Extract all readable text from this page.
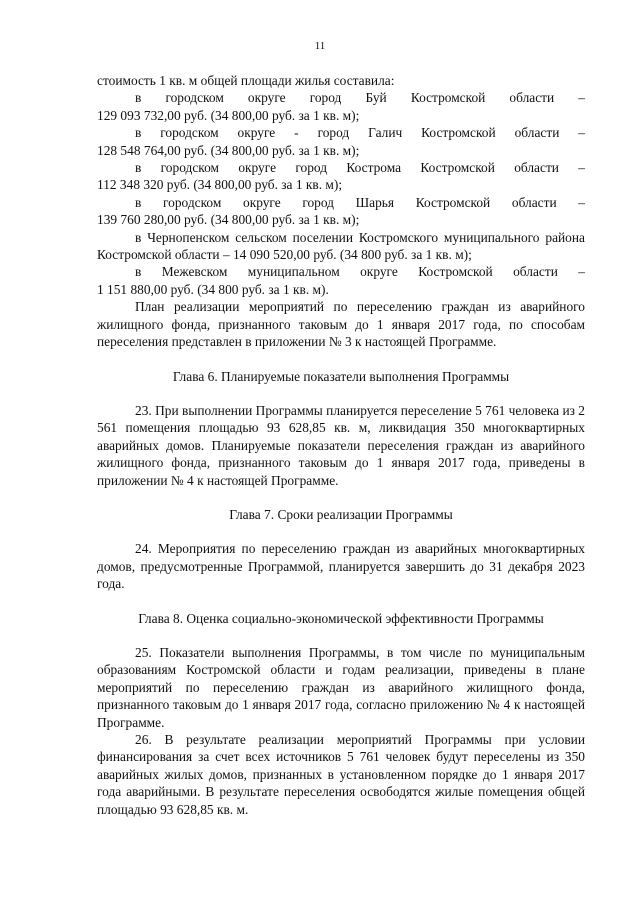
11

стоимость 1 кв. м общей площади жилья составила:

в городском округе город Буй Костромской области –

129 093 732,00 руб. (34 800,00 руб. за 1 кв. м);

в городском округе - город Галич Костромской области –

128 548 764,00 руб. (34 800,00 руб. за 1 кв. м);

в городском округе город Кострома Костромской области –

112 348 320 руб. (34 800,00 руб. за 1 кв. м);

в городском округе город Шарья Костромской области –

139 760 280,00 руб. (34 800,00 руб. за 1 кв. м);

в Чернопенском сельском поселении Костромского муниципального района Костромской области – 14 090 520,00 руб. (34 800 руб. за 1 кв. м);

в Межевском муниципальном округе Костромской области –

1 151 880,00 руб. (34 800 руб. за 1 кв. м).

План реализации мероприятий по переселению граждан из аварийного жилищного фонда, признанного таковым до 1 января 2017 года, по способам переселения представлен в приложении № 3 к настоящей Программе.

Глава 6. Планируемые показатели выполнения Программы

23. При выполнении Программы планируется переселение 5 761 человека из 2 561 помещения площадью 93 628,85 кв. м, ликвидация 350 многоквартирных аварийных домов. Планируемые показатели переселения граждан из аварийного жилищного фонда, признанного таковым до 1 января 2017 года, приведены в приложении № 4 к настоящей Программе.

Глава 7. Сроки реализации Программы

24. Мероприятия по переселению граждан из аварийных многоквартирных домов, предусмотренные Программой, планируется завершить до 31 декабря 2023 года.

Глава 8. Оценка социально-экономической эффективности Программы

25. Показатели выполнения Программы, в том числе по муниципальным образованиям Костромской области и годам реализации, приведены в плане мероприятий по переселению граждан из аварийного жилищного фонда, признанного таковым до 1 января 2017 года, согласно приложению № 4 к настоящей Программе.

26. В результате реализации мероприятий Программы при условии финансирования за счет всех источников 5 761 человек будут переселены из 350 аварийных жилых домов, признанных в установленном порядке до 1 января 2017 года аварийными. В результате переселения освободятся жилые помещения общей площадью 93 628,85 кв. м.
